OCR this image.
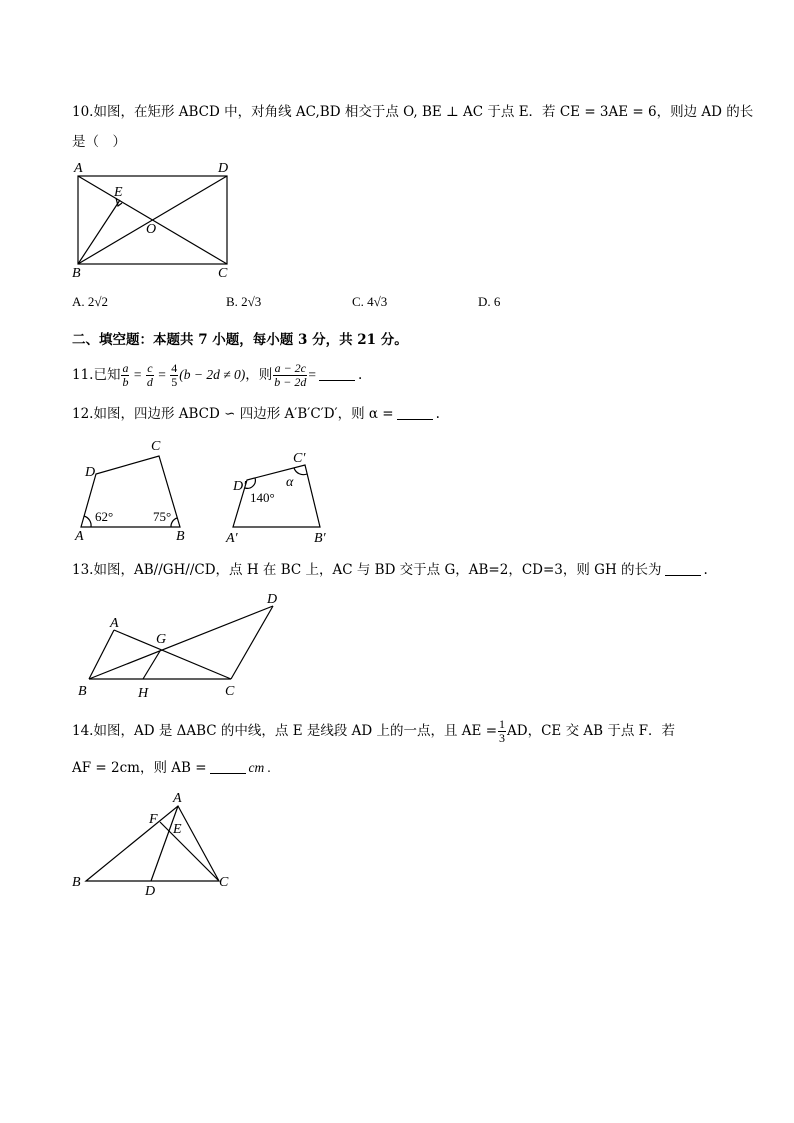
10.如图，在矩形 ABCD 中，对角线 AC,BD 相交于点 O, BE ⊥ AC 于点 E．若 CE = 3AE = 6，则边 AD 的长
是（　）
A	D
E
O
B	C
A	B
C
D
62°	75°
A′	B′
C′
D′
140°
α
A
B	C
D
G
H
A
B	C
D
E
F
A. 2√2	B. 2√3	C. 4√3	D. 6
二、填空题：本题共 7 小题，每小题 3 分，共 21 分。
11.已知 $\frac{a}{b} = \frac{c}{d} = \frac{4}{5} (b - 2d \ne 0)$，则 $\frac{a - 2c}{b - 2d}$ =	.
12.如图，四边形 ABCD ∽ 四边形 A′B′C′D′，则 α =	.
13.如图，AB//GH//CD，点 H 在 BC 上，AC 与 BD 交于点 G，AB=2，CD=3，则 GH 的长为	.
14.如图，AD 是 ΔABC 的中线，点 E 是线段 AD 上的一点，且 AE = $\frac{1}{3}$ AD，CE 交 AB 于点 F．若
AF = 2cm，则 AB =	cm .
